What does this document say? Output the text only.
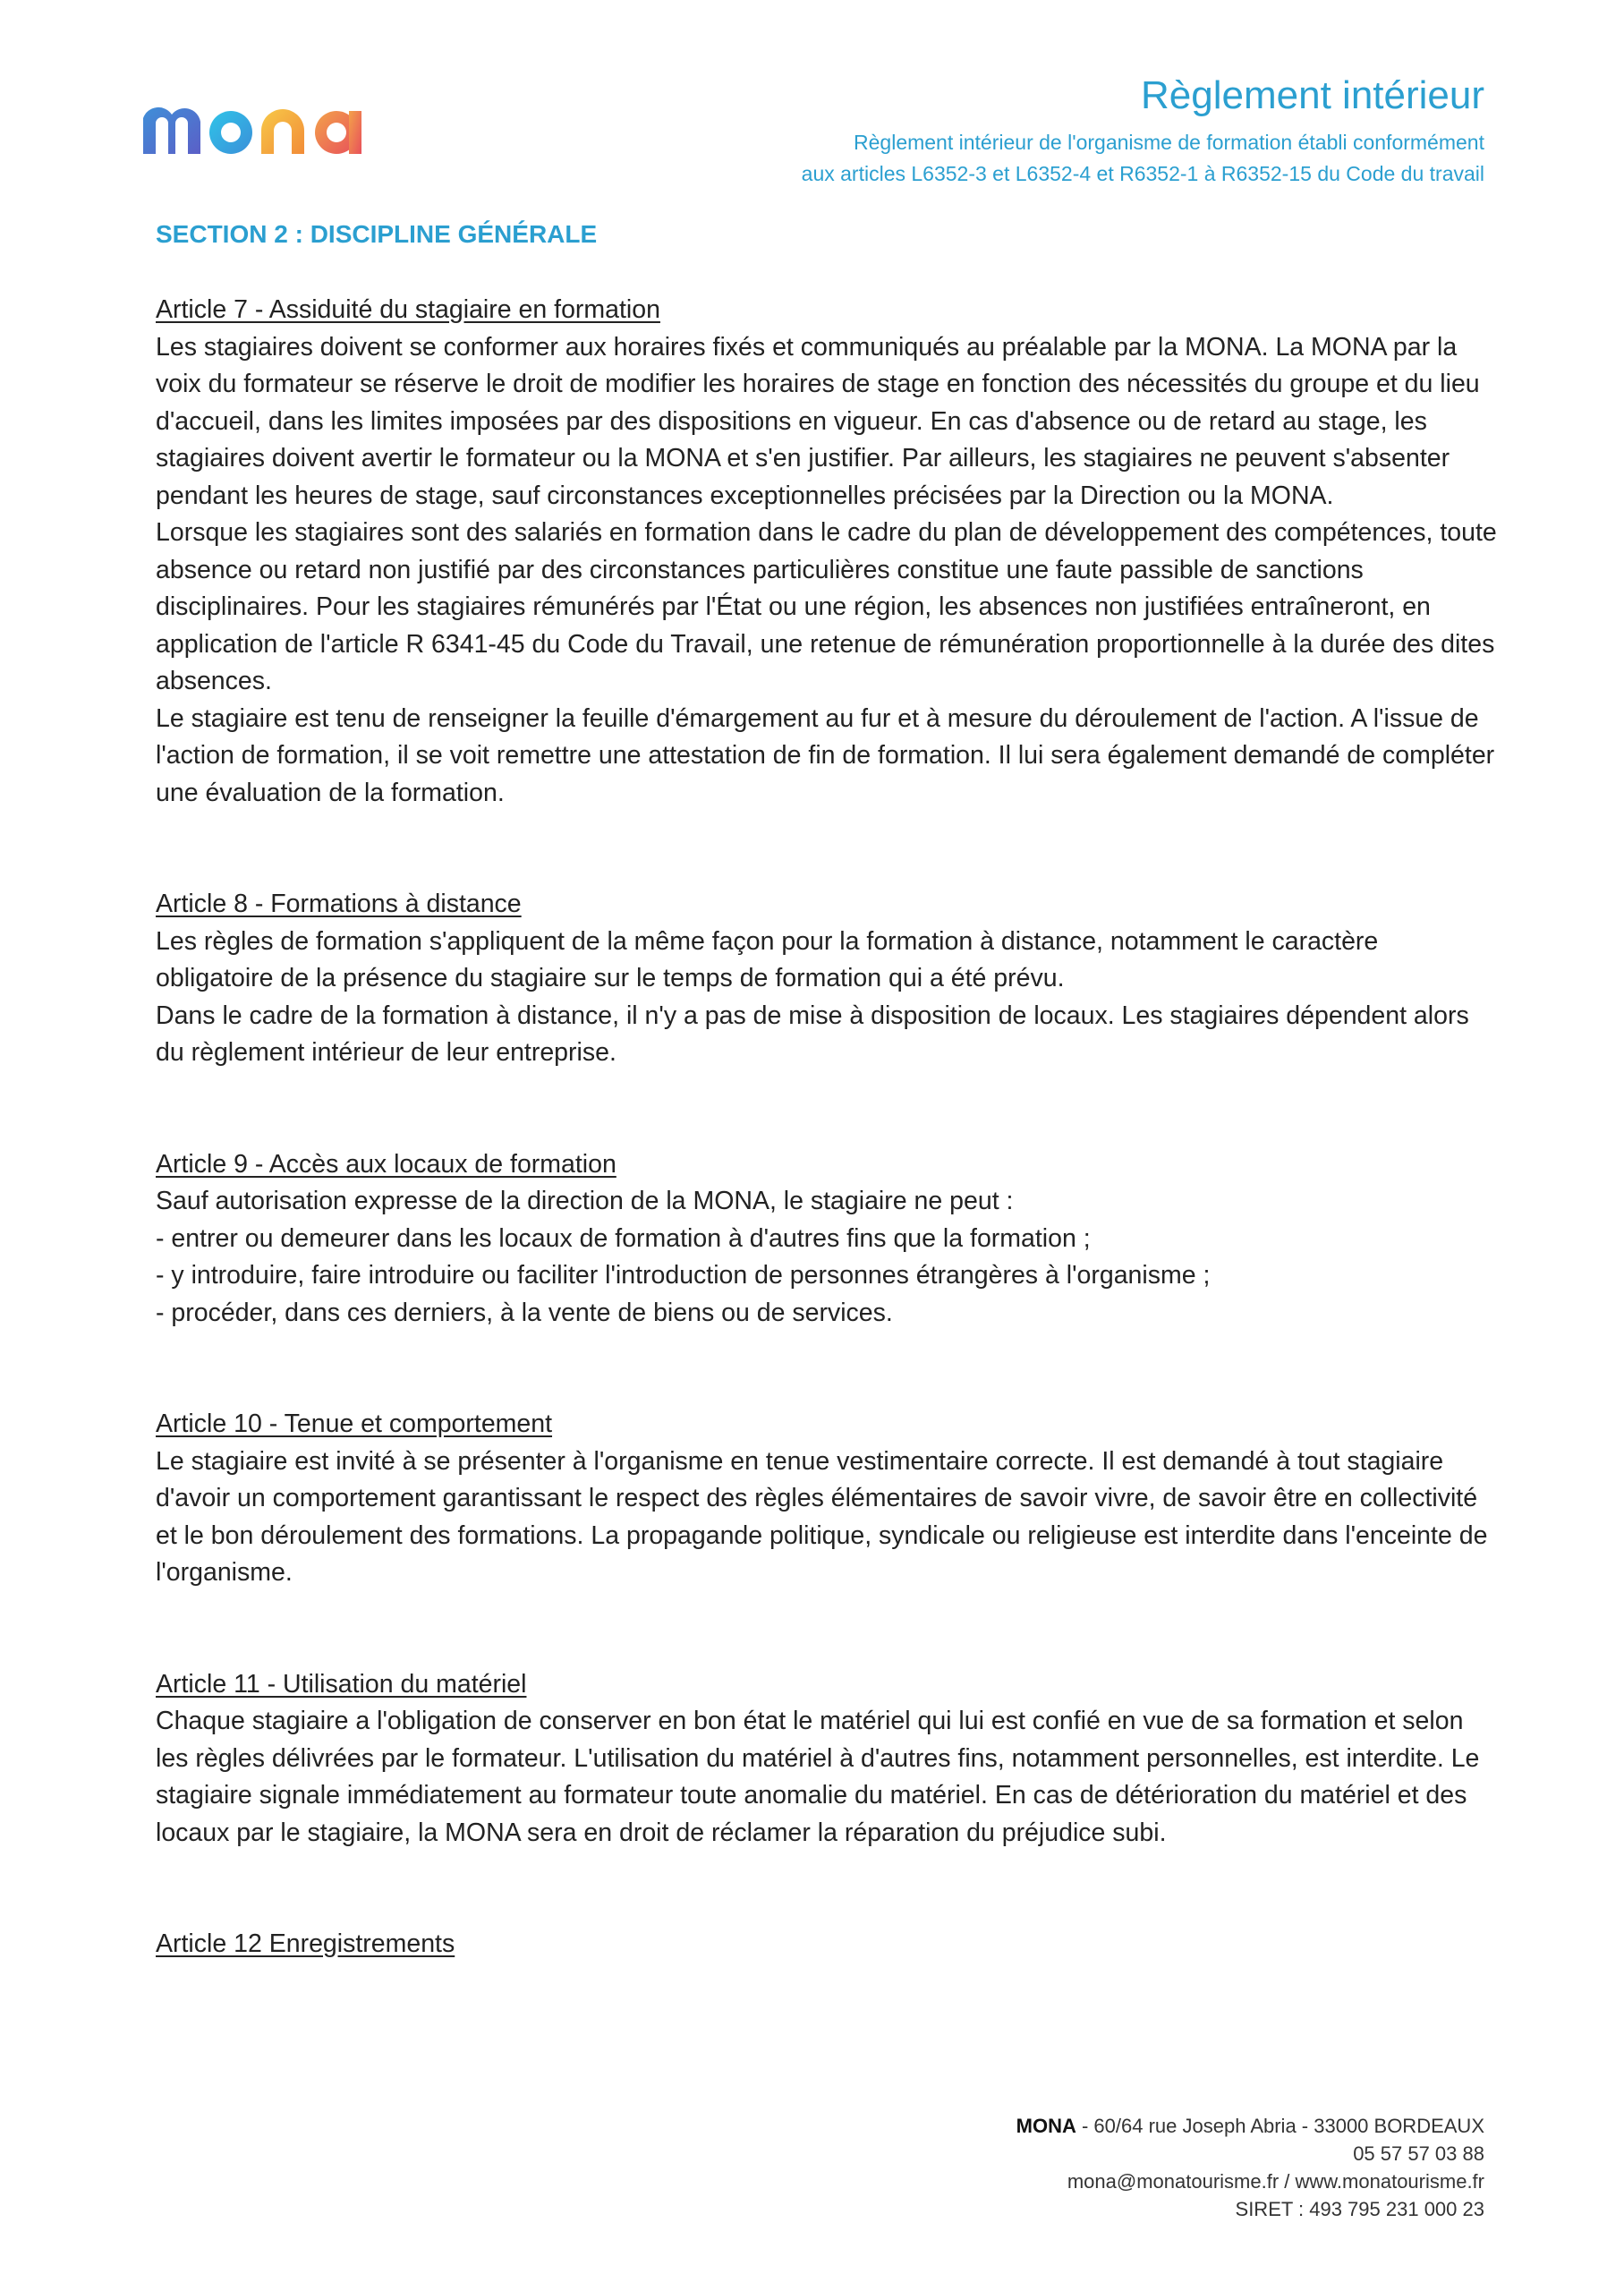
Règlement intérieur
Règlement intérieur de l'organisme de formation établi conformément
aux articles L6352-3 et L6352-4 et R6352-1 à R6352-15 du Code du travail
SECTION 2 : DISCIPLINE GÉNÉRALE
Article 7 - Assiduité du stagiaire en formation
Les stagiaires doivent se conformer aux horaires fixés et communiqués au préalable par la MONA. La MONA par la voix du formateur se réserve le droit de modifier les horaires de stage en fonction des nécessités du groupe et du lieu d'accueil, dans les limites imposées par des dispositions en vigueur. En cas d'absence ou de retard au stage, les stagiaires doivent avertir le formateur ou la MONA et s'en justifier. Par ailleurs, les stagiaires ne peuvent s'absenter pendant les heures de stage, sauf circonstances exceptionnelles précisées par la Direction ou la MONA.
Lorsque les stagiaires sont des salariés en formation dans le cadre du plan de développement des compétences, toute absence ou retard non justifié par des circonstances particulières constitue une faute passible de sanctions disciplinaires. Pour les stagiaires rémunérés par l'État ou une région, les absences non justifiées entraîneront, en application de l'article R 6341-45 du Code du Travail, une retenue de rémunération proportionnelle à la durée des dites absences.
Le stagiaire est tenu de renseigner la feuille d'émargement au fur et à mesure du déroulement de l'action. A l'issue de l'action de formation, il se voit remettre une attestation de fin de formation. Il lui sera également demandé de compléter une évaluation de la formation.
Article 8 - Formations à distance
Les règles de formation s'appliquent de la même façon pour la formation à distance, notamment le caractère obligatoire de la présence du stagiaire sur le temps de formation qui a été prévu.
Dans le cadre de la formation à distance, il n'y a pas de mise à disposition de locaux. Les stagiaires dépendent alors du règlement intérieur de leur entreprise.
Article 9 - Accès aux locaux de formation
Sauf autorisation expresse de la direction de la MONA, le stagiaire ne peut :
- entrer ou demeurer dans les locaux de formation à d'autres fins que la formation ;
- y introduire, faire introduire ou faciliter l'introduction de personnes étrangères à l'organisme ;
- procéder, dans ces derniers, à la vente de biens ou de services.
Article 10 - Tenue et comportement
Le stagiaire est invité à se présenter à l'organisme en tenue vestimentaire correcte. Il est demandé à tout stagiaire d'avoir un comportement garantissant le respect des règles élémentaires de savoir vivre, de savoir être en collectivité et le bon déroulement des formations. La propagande politique, syndicale ou religieuse est interdite dans l'enceinte de l'organisme.
Article 11 - Utilisation du matériel
Chaque stagiaire a l'obligation de conserver en bon état le matériel qui lui est confié en vue de sa formation et selon les règles délivrées par le formateur. L'utilisation du matériel à d'autres fins, notamment personnelles, est interdite. Le stagiaire signale immédiatement au formateur toute anomalie du matériel. En cas de détérioration du matériel et des locaux par le stagiaire, la MONA sera en droit de réclamer la réparation du préjudice subi.
Article 12 Enregistrements
MONA - 60/64 rue Joseph Abria - 33000 BORDEAUX
05 57 57 03 88
mona@monatourisme.fr / www.monatourisme.fr
SIRET : 493 795 231 000 23
